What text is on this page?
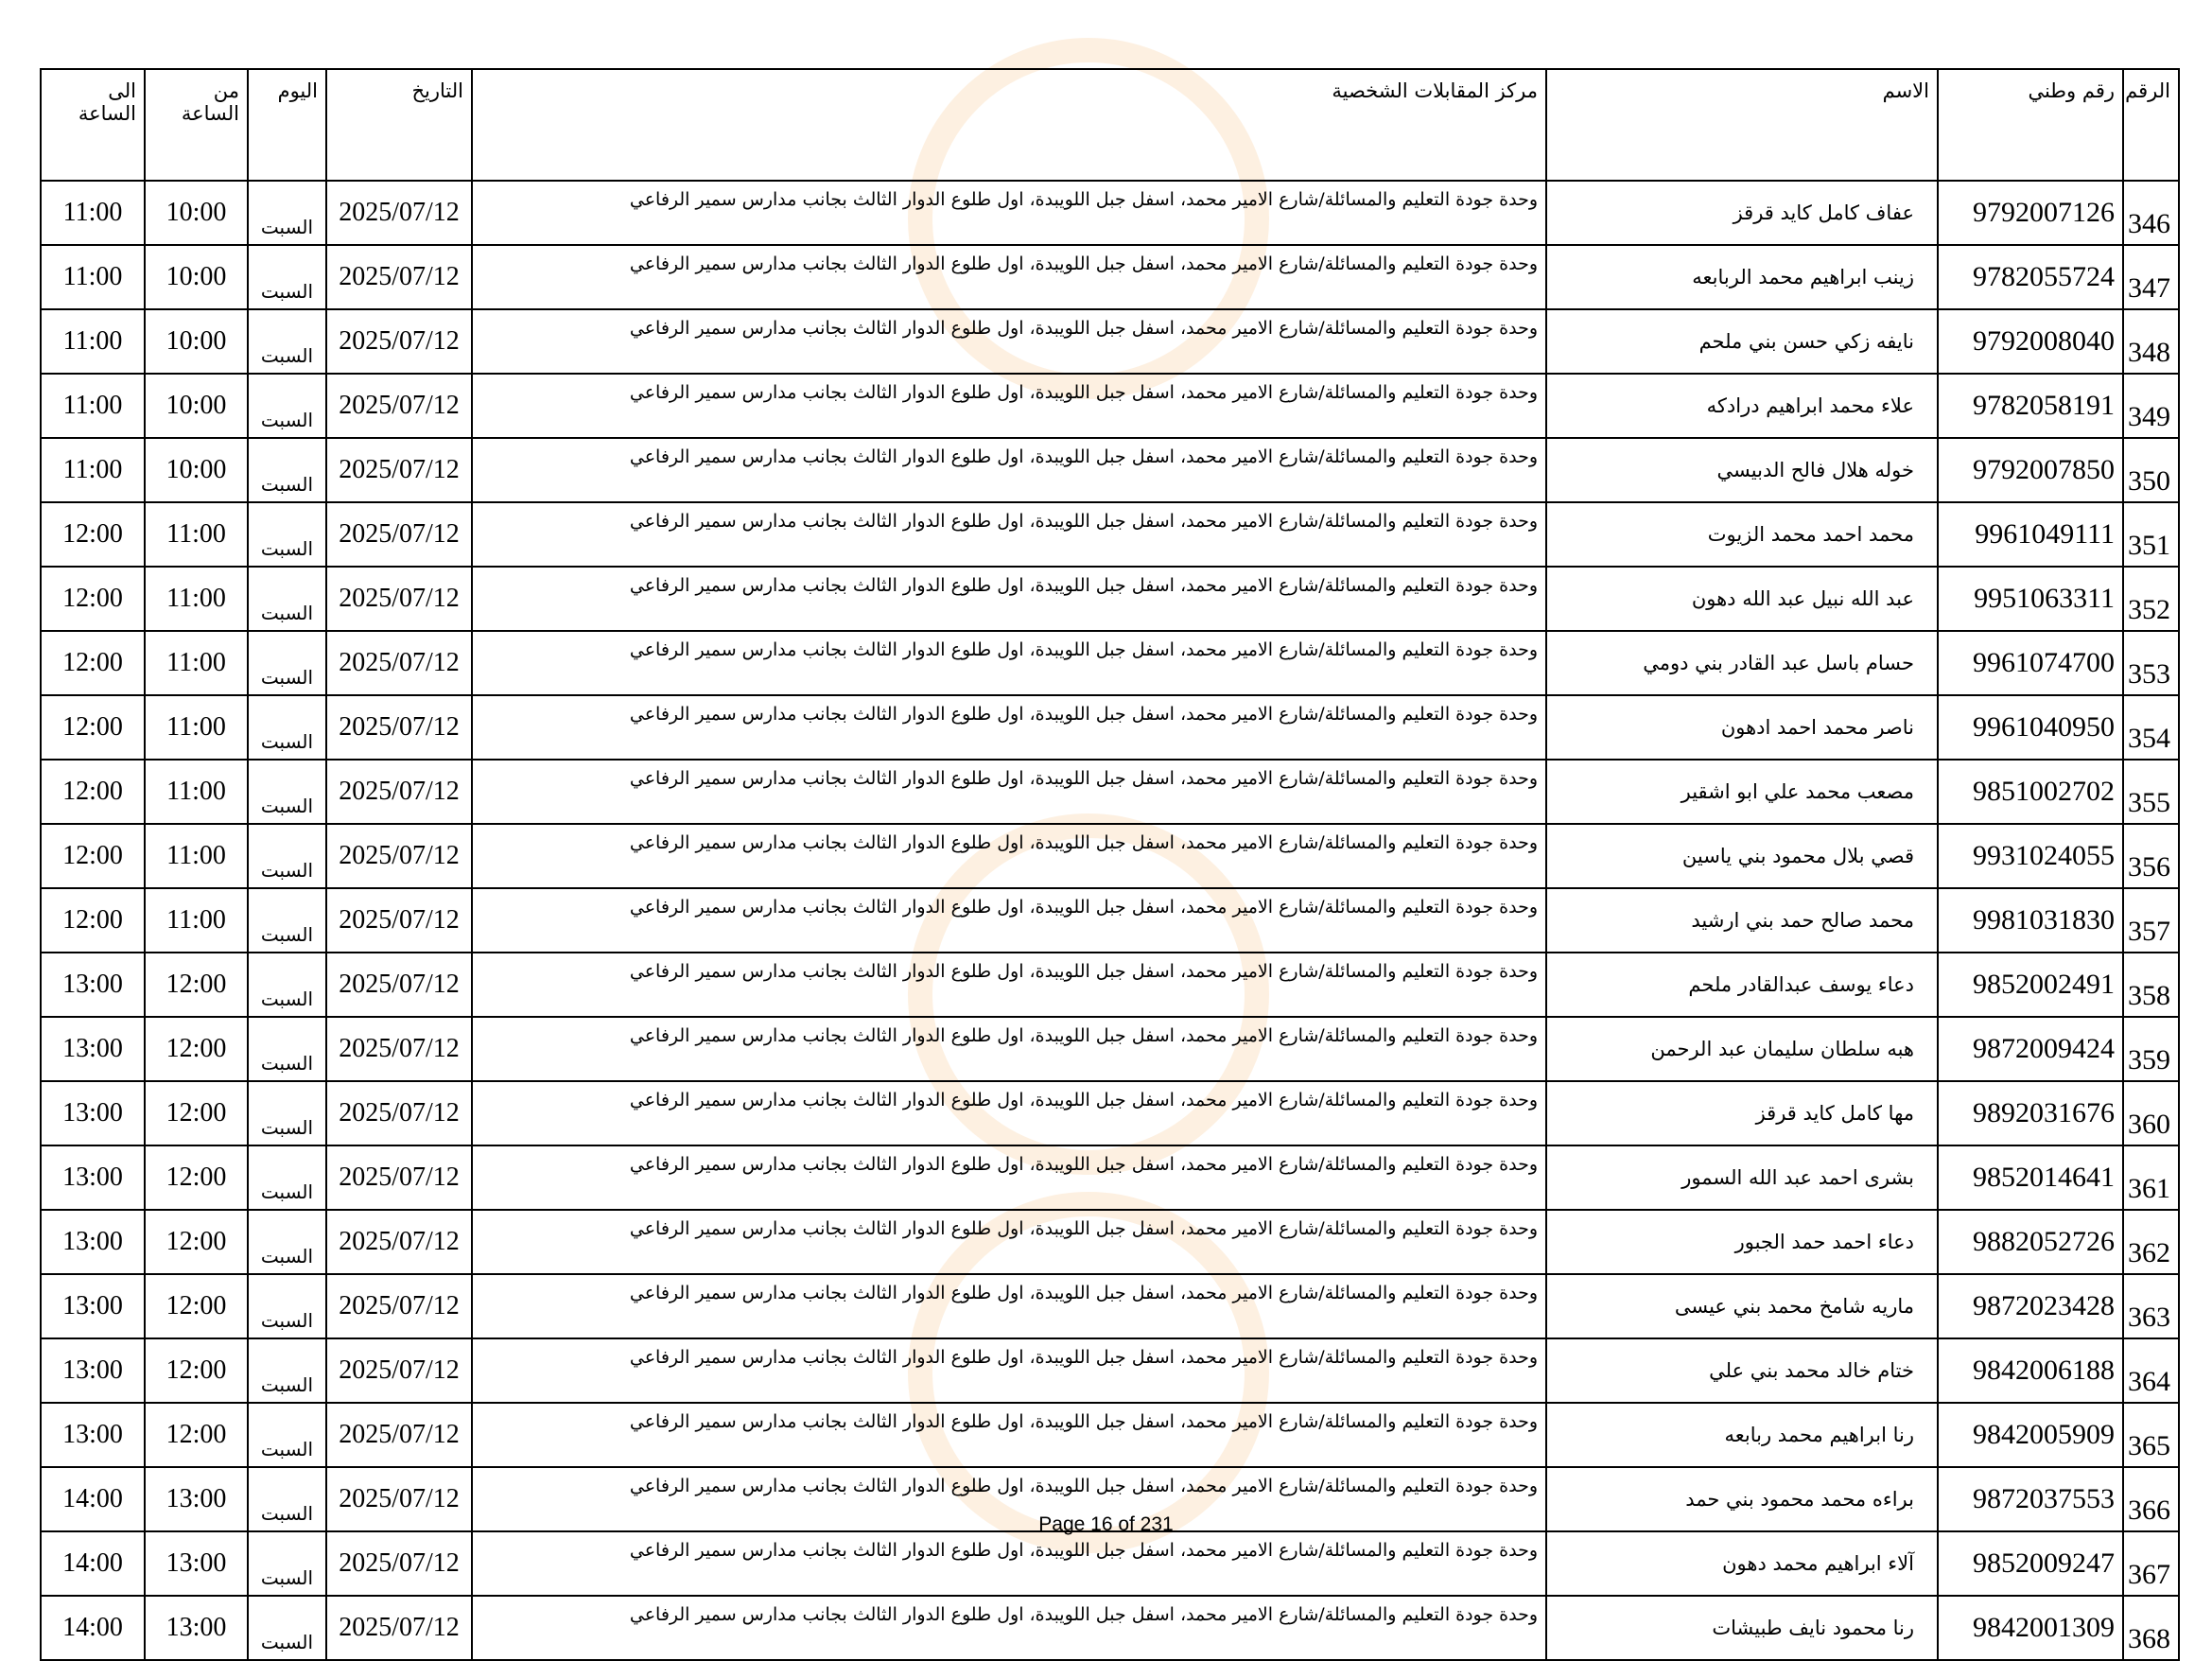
الرقم	رقم وطني	الاسم	مركز المقابلات الشخصية	التاريخ	اليوم	من الساعة	الى الساعة
346	9792007126	عفاف كامل كايد قرقز	وحدة جودة التعليم والمسائلة/شارع الامير محمد، اسفل جبل اللويبدة، اول طلوع الدوار الثالث بجانب مدارس سمير الرفاعي	2025/07/12	السبت	10:00	11:00
347	9782055724	زينب ابراهيم محمد الربابعه	وحدة جودة التعليم والمسائلة/شارع الامير محمد، اسفل جبل اللويبدة، اول طلوع الدوار الثالث بجانب مدارس سمير الرفاعي	2025/07/12	السبت	10:00	11:00
348	9792008040	نايفه زكي حسن بني ملحم	وحدة جودة التعليم والمسائلة/شارع الامير محمد، اسفل جبل اللويبدة، اول طلوع الدوار الثالث بجانب مدارس سمير الرفاعي	2025/07/12	السبت	10:00	11:00
349	9782058191	علاء محمد ابراهيم درادكه	وحدة جودة التعليم والمسائلة/شارع الامير محمد، اسفل جبل اللويبدة، اول طلوع الدوار الثالث بجانب مدارس سمير الرفاعي	2025/07/12	السبت	10:00	11:00
350	9792007850	خوله هلال فالح الدبيسي	وحدة جودة التعليم والمسائلة/شارع الامير محمد، اسفل جبل اللويبدة، اول طلوع الدوار الثالث بجانب مدارس سمير الرفاعي	2025/07/12	السبت	10:00	11:00
351	9961049111	محمد احمد محمد الزيوت	وحدة جودة التعليم والمسائلة/شارع الامير محمد، اسفل جبل اللويبدة، اول طلوع الدوار الثالث بجانب مدارس سمير الرفاعي	2025/07/12	السبت	11:00	12:00
352	9951063311	عبد الله نبيل عبد الله دهون	وحدة جودة التعليم والمسائلة/شارع الامير محمد، اسفل جبل اللويبدة، اول طلوع الدوار الثالث بجانب مدارس سمير الرفاعي	2025/07/12	السبت	11:00	12:00
353	9961074700	حسام باسل عبد القادر بني دومي	وحدة جودة التعليم والمسائلة/شارع الامير محمد، اسفل جبل اللويبدة، اول طلوع الدوار الثالث بجانب مدارس سمير الرفاعي	2025/07/12	السبت	11:00	12:00
354	9961040950	ناصر محمد احمد ادهون	وحدة جودة التعليم والمسائلة/شارع الامير محمد، اسفل جبل اللويبدة، اول طلوع الدوار الثالث بجانب مدارس سمير الرفاعي	2025/07/12	السبت	11:00	12:00
355	9851002702	مصعب محمد علي ابو اشقير	وحدة جودة التعليم والمسائلة/شارع الامير محمد، اسفل جبل اللويبدة، اول طلوع الدوار الثالث بجانب مدارس سمير الرفاعي	2025/07/12	السبت	11:00	12:00
356	9931024055	قصي بلال محمود بني ياسين	وحدة جودة التعليم والمسائلة/شارع الامير محمد، اسفل جبل اللويبدة، اول طلوع الدوار الثالث بجانب مدارس سمير الرفاعي	2025/07/12	السبت	11:00	12:00
357	9981031830	محمد صالح حمد بني ارشيد	وحدة جودة التعليم والمسائلة/شارع الامير محمد، اسفل جبل اللويبدة، اول طلوع الدوار الثالث بجانب مدارس سمير الرفاعي	2025/07/12	السبت	11:00	12:00
358	9852002491	دعاء يوسف عبدالقادر ملحم	وحدة جودة التعليم والمسائلة/شارع الامير محمد، اسفل جبل اللويبدة، اول طلوع الدوار الثالث بجانب مدارس سمير الرفاعي	2025/07/12	السبت	12:00	13:00
359	9872009424	هبه سلطان سليمان عبد الرحمن	وحدة جودة التعليم والمسائلة/شارع الامير محمد، اسفل جبل اللويبدة، اول طلوع الدوار الثالث بجانب مدارس سمير الرفاعي	2025/07/12	السبت	12:00	13:00
360	9892031676	مها كامل كايد قرقز	وحدة جودة التعليم والمسائلة/شارع الامير محمد، اسفل جبل اللويبدة، اول طلوع الدوار الثالث بجانب مدارس سمير الرفاعي	2025/07/12	السبت	12:00	13:00
361	9852014641	بشرى احمد عبد الله السمور	وحدة جودة التعليم والمسائلة/شارع الامير محمد، اسفل جبل اللويبدة، اول طلوع الدوار الثالث بجانب مدارس سمير الرفاعي	2025/07/12	السبت	12:00	13:00
362	9882052726	دعاء احمد حمد الجبور	وحدة جودة التعليم والمسائلة/شارع الامير محمد، اسفل جبل اللويبدة، اول طلوع الدوار الثالث بجانب مدارس سمير الرفاعي	2025/07/12	السبت	12:00	13:00
363	9872023428	ماريه شامخ محمد بني عيسى	وحدة جودة التعليم والمسائلة/شارع الامير محمد، اسفل جبل اللويبدة، اول طلوع الدوار الثالث بجانب مدارس سمير الرفاعي	2025/07/12	السبت	12:00	13:00
364	9842006188	ختام خالد محمد بني علي	وحدة جودة التعليم والمسائلة/شارع الامير محمد، اسفل جبل اللويبدة، اول طلوع الدوار الثالث بجانب مدارس سمير الرفاعي	2025/07/12	السبت	12:00	13:00
365	9842005909	رنا ابراهيم محمد ربابعه	وحدة جودة التعليم والمسائلة/شارع الامير محمد، اسفل جبل اللويبدة، اول طلوع الدوار الثالث بجانب مدارس سمير الرفاعي	2025/07/12	السبت	12:00	13:00
366	9872037553	براءه محمد محمود بني حمد	وحدة جودة التعليم والمسائلة/شارع الامير محمد، اسفل جبل اللويبدة، اول طلوع الدوار الثالث بجانب مدارس سمير الرفاعي	2025/07/12	السبت	13:00	14:00
367	9852009247	آلاء ابراهيم محمد دهون	وحدة جودة التعليم والمسائلة/شارع الامير محمد، اسفل جبل اللويبدة، اول طلوع الدوار الثالث بجانب مدارس سمير الرفاعي	2025/07/12	السبت	13:00	14:00
368	9842001309	رنا محمود نايف طبيشات	وحدة جودة التعليم والمسائلة/شارع الامير محمد، اسفل جبل اللويبدة، اول طلوع الدوار الثالث بجانب مدارس سمير الرفاعي	2025/07/12	السبت	13:00	14:00
Page 16 of 231
